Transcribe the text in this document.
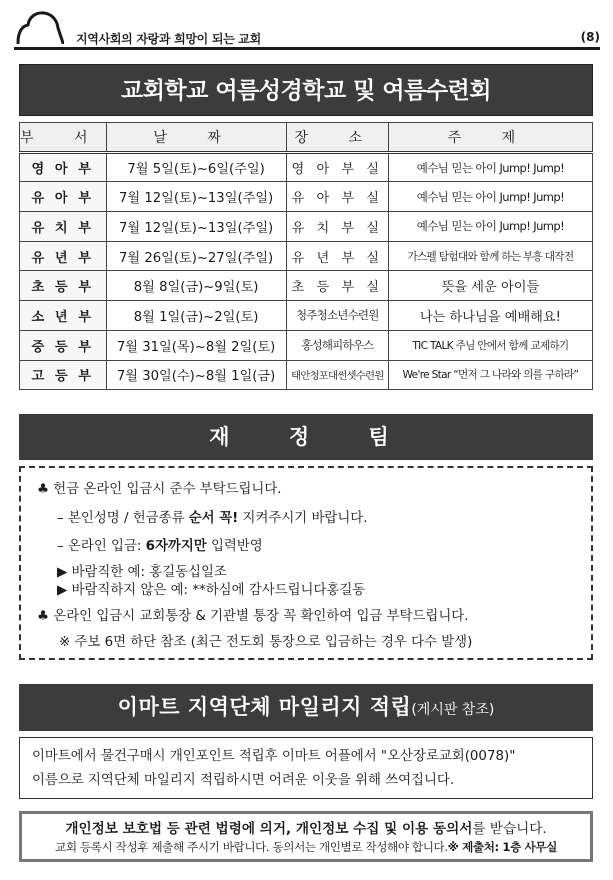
지역사회의 자랑과 희망이 되는 교회	(8)
교회학교 여름성경학교 및 여름수련회
부 서	날 짜	장 소	주 제
영 아 부	7월 5일(토)~6일(주일)	영 아 부 실	예수님 믿는 아이 Jump! Jump!
유 아 부	7월 12일(토)~13일(주일)	유 아 부 실	예수님 믿는 아이 Jump! Jump!
유 치 부	7월 12일(토)~13일(주일)	유 치 부 실	예수님 믿는 아이 Jump! Jump!
유 년 부	7월 26일(토)~27일(주일)	유 년 부 실	가스펠 탐험대와 함께 하는 부흥 대작전
초 등 부	8월 8일(금)~9일(토)	초 등 부 실	뜻을 세운 아이들
소 년 부	8월 1일(금)~2일(토)	청주청소년수련원	나는 하나님을 예배해요!
중 등 부	7월 31일(목)~8월 2일(토)	홍성해피하우스	TIC TALK 주님 안에서 함께 교제하기
고 등 부	7월 30일(수)~8월 1일(금)	태안청포대썬셋수련원	We're Star “먼저 그 나라와 의를 구하라”
재 정 팀
♣ 헌금 온라인 입금시 준수 부탁드립니다.
– 본인성명 / 헌금종류 순서 꼭! 지켜주시기 바랍니다.
– 온라인 입금: 6자까지만 입력반영
▶ 바람직한 예: 홍길동십일조
▶ 바람직하지 않은 예: **하심에 감사드립니다홍길동
♣ 온라인 입금시 교회통장 & 기관별 통장 꼭 확인하여 입금 부탁드립니다.
※ 주보 6면 하단 참조 (최근 전도회 통장으로 입금하는 경우 다수 발생)
이마트 지역단체 마일리지 적립(게시판 참조)
이마트에서 물건구매시 개인포인트 적립후 이마트 어플에서 "오산장로교회(0078)"
이름으로 지역단체 마일리지 적립하시면 어려운 이웃을 위해 쓰여집니다.
개인정보 보호법 등 관련 법령에 의거, 개인정보 수집 및 이용 동의서를 받습니다.
교회 등록시 작성후 제출해 주시기 바랍니다. 동의서는 개인별로 작성해야 합니다.※ 제출처: 1층 사무실
